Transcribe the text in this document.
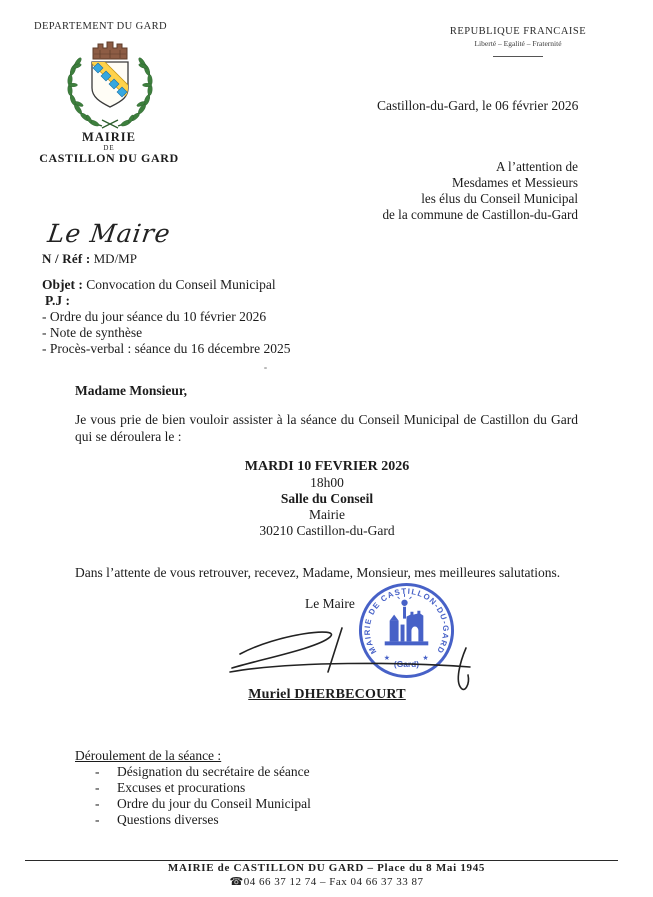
DEPARTEMENT DU GARD
MAIRIE
DE
CASTILLON DU GARD
REPUBLIQUE FRANCAISE
Liberté – Egalité – Fraternité
Castillon-du-Gard, le 06 février 2026
A l’attention de
Mesdames et Messieurs
les élus du Conseil Municipal
de la commune de Castillon-du-Gard
Le Maire
N / Réf : MD/MP
Objet : Convocation du Conseil Municipal
P.J :
- Ordre du jour séance du 10 février 2026
- Note de synthèse
- Procès-verbal : séance du 16 décembre 2025
Madame Monsieur,
Je vous prie de bien vouloir assister à la séance du Conseil Municipal de Castillon du Gard qui se déroulera le :
MARDI 10 FEVRIER 2026
18h00
Salle du Conseil
Mairie
30210 Castillon-du-Gard
Dans l’attente de vous retrouver, recevez, Madame, Monsieur, mes meilleures salutations.
Le Maire
MAIRIE DE CASTILLON-DU-GARD
★	★
(Gard)
Muriel DHERBECOURT
Déroulement de la séance :
- Désignation du secrétaire de séance
- Excuses et procurations
- Ordre du jour du Conseil Municipal
- Questions diverses
MAIRIE de CASTILLON DU GARD – Place du 8 Mai 1945
☎04 66 37 12 74 – Fax 04 66 37 33 87
